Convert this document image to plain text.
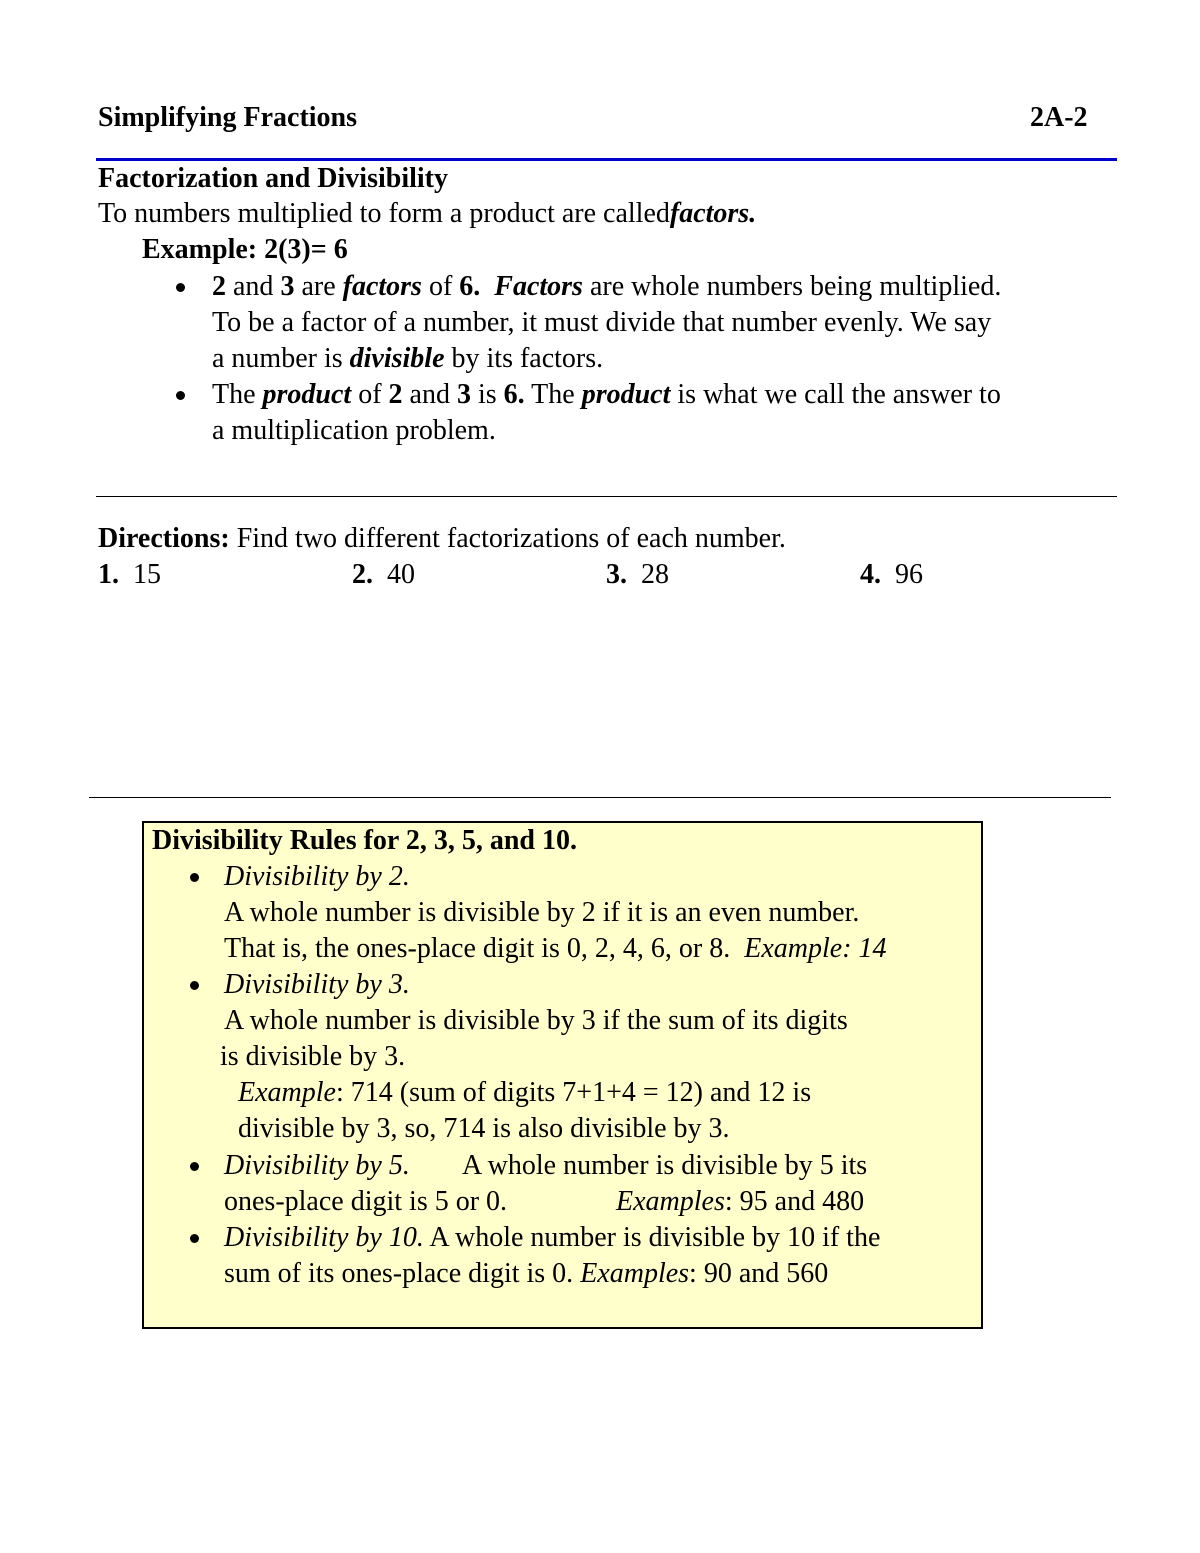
Simplifying Fractions	2A-2
Factorization and Divisibility
To numbers multiplied to form a product are calledfactors.
Example: 2(3)= 6
2 and 3 are factors of 6. Factors are whole numbers being multiplied.
To be a factor of a number, it must divide that number evenly. We say
a number is divisible by its factors.
The product of 2 and 3 is 6. The product is what we call the answer to
a multiplication problem.
Directions: Find two different factorizations of each number.
1. 15	2. 40	3. 28	4. 96
Divisibility Rules for 2, 3, 5, and 10.
Divisibility by 2.
A whole number is divisible by 2 if it is an even number.
That is, the ones-place digit is 0, 2, 4, 6, or 8. Example: 14
Divisibility by 3.
A whole number is divisible by 3 if the sum of its digits
is divisible by 3.
Example: 714 (sum of digits 7+1+4 = 12) and 12 is
divisible by 3, so, 714 is also divisible by 3.
Divisibility by 5. A whole number is divisible by 5 its
ones-place digit is 5 or 0.	Examples: 95 and 480
Divisibility by 10. A whole number is divisible by 10 if the
sum of its ones-place digit is 0. Examples: 90 and 560
